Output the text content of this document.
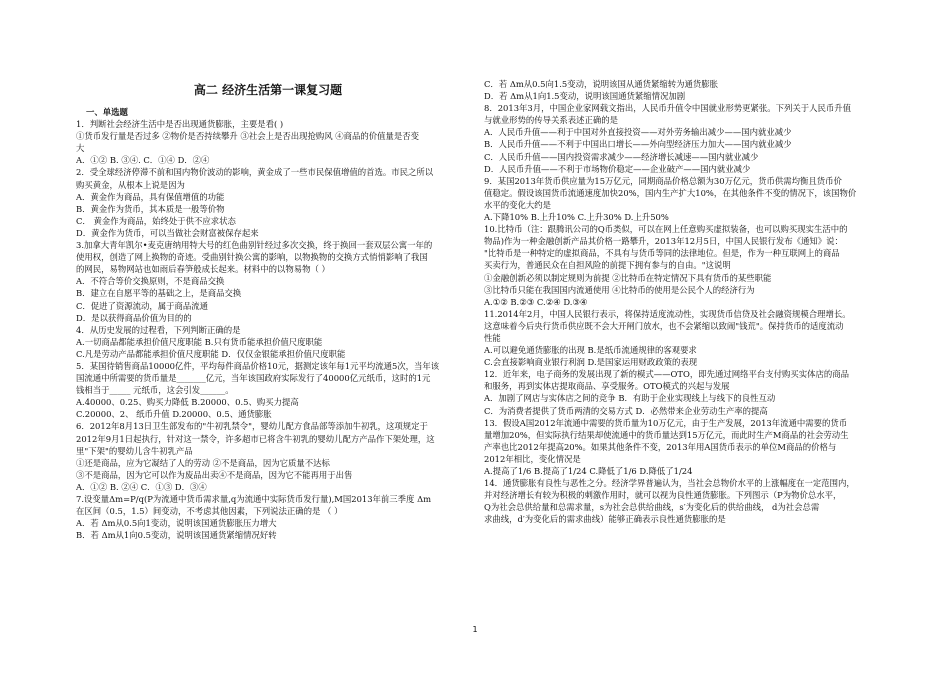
高二 经济生活第一课复习题
一、单选题
1．判断社会经济生活中是否出现通货膨胀，主要是看( )
①货币发行量是否过多 ②物价是否持续攀升 ③社会上是否出现抢购风 ④商品的价值量是否变
大
A．①② B. ③④. C．①④ D．②④
2．受全球经济停滞不前和国内物价波动的影响，黄金成了一些市民保值增值的首选。市民之所以
购买黄金，从根本上说是因为
A．黄金作为商品，具有保值增值的功能
B．黄金作为货币，其本质是一般等价物
C． 黄金作为商品，始终处于供不应求状态
D．黄金作为货币，可以当做社会财富被保存起来
3.加拿大青年凯尔•麦克唐纳用特大号的红色曲别针经过多次交换，终于换回一套双层公寓一年的
使用权，创造了网上换物的奇迹。受曲别针换公寓的影响，以物换物的交换方式悄悄影响了我国
的网民，易物网站也如雨后春笋般成长起来。材料中的以物易物（ ）
A．不符合等价交换原则，不是商品交换
B．建立在自愿平等的基础之上，是商品交换
C．促进了资源流动，属于商品流通
D．是以获得商品价值为目的的
4．从历史发展的过程看，下列判断正确的是
A.一切商品都能承担价值尺度职能 B.只有货币能承担价值尺度职能
C.凡是劳动产品都能承担价值尺度职能 D．仅仅金银能承担价值尺度职能
5．某国待销售商品10000亿件，平均每件商品价格10元，据测定该年每1元平均流通5次，当年该
国流通中所需要的货币量是_______亿元，当年该国政府实际发行了40000亿元纸币，这时的1元
钱相当于_____ 元纸币，这会引发______。
A.40000、0.25、购买力降低 B.20000、0.5、购买力提高
C.20000、2、 纸币升值 D.20000、0.5、通货膨胀
6．2012年8月13日卫生部发布的"牛初乳禁令"，婴幼儿配方食品部等添加牛初乳，这项规定于
2012年9月1日起执行，针对这一禁令，许多超市已将含牛初乳的婴幼儿配方产品作下架处理，这
里"下架"的婴幼儿含牛初乳产品
①还是商品，应为它凝结了人的劳动 ②不是商品，因为它质量不达标
③不是商品，因为它可以作为废品出卖④不是商品，因为它不能再用于出售
A．①② B. ②④ C．①③ D．③④
7.设变量Δm=P/q(P为流通中货币需求量,q为流通中实际货币发行量),M国2013年前三季度 Δm
在区间（0.5，1.5）间变动，不考虑其他因素，下列说法正确的是 （ ）
A．若 Δm从0.5向1变动，说明该国通货膨胀压力增大
B．若 Δm从1向0.5变动，说明该国通货紧缩情况好转
C．若 Δm从0.5向1.5变动，说明该国从通货紧缩转为通货膨胀
D．若 Δm从1向1.5变动，说明该国通货紧缩情况加剧
8．2013年3月，中国企业家网载文指出，人民币升值令中国就业形势更紧张。下列关于人民币升值
与就业形势的传导关系表述正确的是
A．人民币升值——利于中国对外直接投资——对外劳务输出减少——国内就业减少
B．人民币升值——不利于中国出口增长——外向型经济压力加大——国内就业减少
C．人民币升值——国内投资需求减少——经济增长减速——国内就业减少
D．人民币升值——不利于市场物价稳定——企业破产——国内就业减少
9．某国2013年货币供应量为15万亿元，同期商品价格总额为30万亿元，货币供需均衡且货币价
值稳定。假设该国货币流通速度加快20%，国内生产扩大10%，在其他条件不变的情况下，该国物价
水平的变化大约是
A.下降10% B.上升10% C.上升30% D.上升50%
10.比特币（注：跟腾讯公司的Q币类似，可以在网上任意购买虚拟装备，也可以购买现实生活中的
物品)作为一种金融创新产品其价格一路攀升，2013年12月5日，中国人民银行发布《通知》说：
"比特币是一种特定的虚拟商品，不具有与货币等同的法律地位。但是，作为一种互联网上的商品
买卖行为，普通民众在自担风险的前提下拥有参与的自由。"这说明
①金融创新必须以制定规则为前提 ②比特币在特定情况下具有货币的某些职能
③比特币只能在我国国内流通使用 ④比特币的使用是公民个人的经济行为
A.①② B.②③ C.②④ D.③④
11.2014年2月，中国人民银行表示，将保持适度流动性，实现货币信贷及社会融资规模合理增长。
这意味着今后央行货币供应既不会大开闸门放水，也不会紧缩以致闹"钱荒"。保持货币的适度流动
性能
A.可以避免通货膨胀的出现 B.是纸币流通规律的客观要求
C.会直接影响商业银行利润 D.是国家运用财政政策的表现
12．近年来，电子商务的发展出现了新的模式——OTO，即先通过网络平台支付购买实体店的商品
和服务，再到实体店提取商品、享受服务。OTO模式的兴起与发展
A．加剧了网店与实体店之间的竞争 B．有助于企业实现线上与线下的良性互动
C．为消费者提供了货币两清的交易方式 D．必然带来企业劳动生产率的提高
13．假设A国2012年流通中需要的货币量为10万亿元，由于生产发展，2013年流通中需要的货币
量增加20%，但实际执行结果却使流通中的货币量达到15万亿元，而此时生产M商品的社会劳动生
产率也比2012年提高20%。如果其他条件不变，2013年用A国货币表示的单位M商品的价格与
2012年相比，变化情况是
A.提高了1/6 B.提高了1/24 C.降低了1/6 D.降低了1/24
14．通货膨胀有良性与恶性之分。经济学界普遍认为，当社会总物价水平的上涨幅度在一定范围内，
并对经济增长有较为积极的刺激作用时，就可以视为良性通货膨胀。下列图示（P为物价总水平，
Q为社会总供给量和总需求量，s为社会总供给曲线，s′为变化后的供给曲线， d为社会总需
求曲线，d′为变化后的需求曲线）能够正确表示良性通货膨胀的是
1
